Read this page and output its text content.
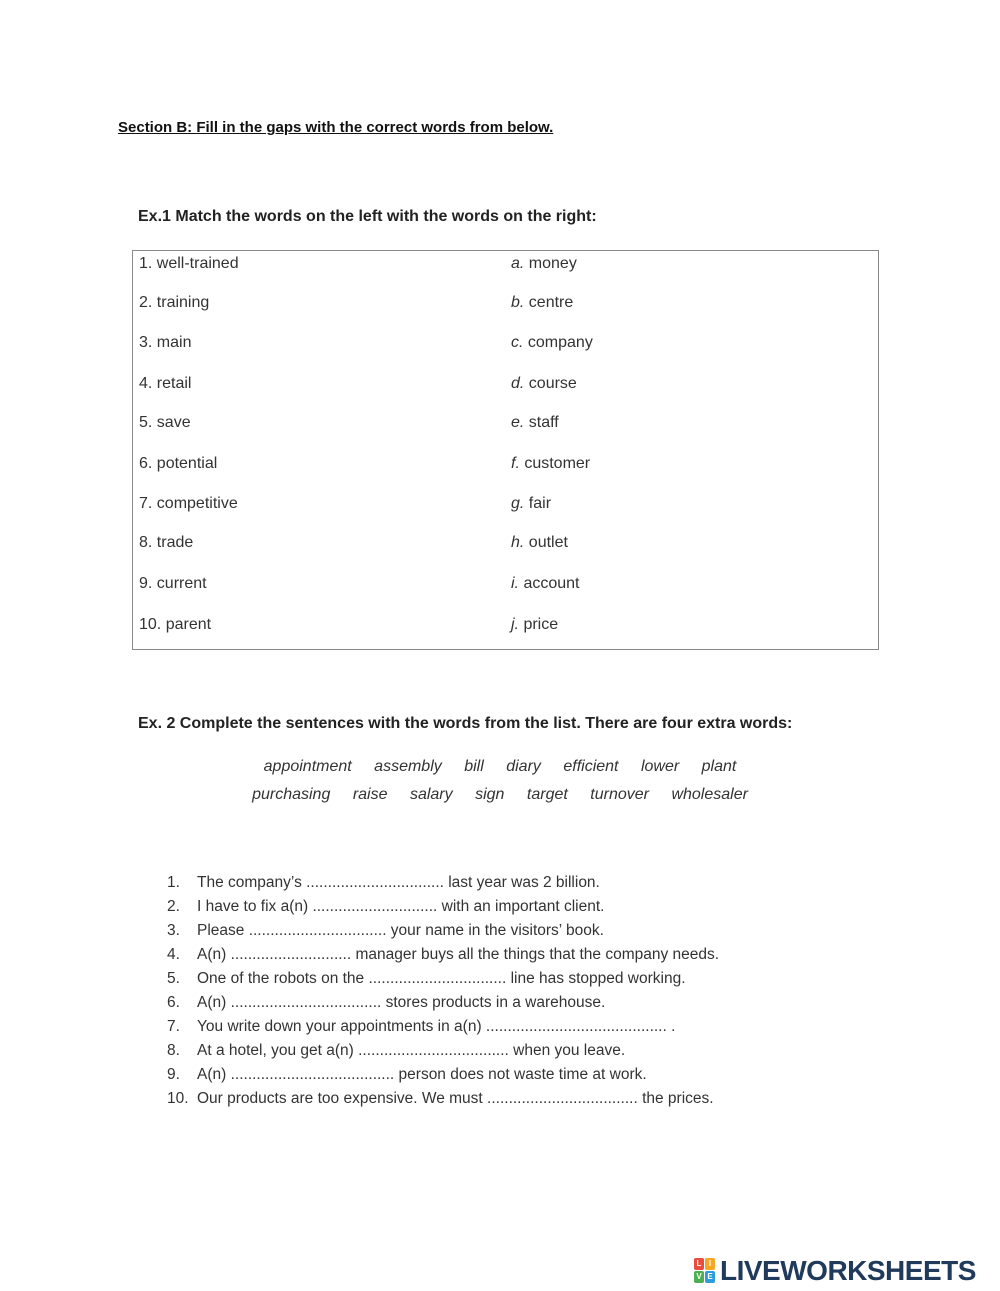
Section B: Fill in the gaps with the correct words from below.
Ex.1 Match the words on the left with the words on the right:
1. well-trained	a. money
2. training	b. centre
3. main	c. company
4. retail	d. course
5. save	e. staff
6. potential	f. customer
7. competitive	g. fair
8. trade	h. outlet
9. current	i. account
10. parent	j. price
Ex. 2 Complete the sentences with the words from the list. There are four extra words:
appointment assembly bill diary efficient lower plant
purchasing raise salary sign target turnover wholesaler
1. The company’s ................................ last year was 2 billion.
2. I have to fix a(n) ............................. with an important client.
3. Please ................................ your name in the visitors’ book.
4. A(n) ............................ manager buys all the things that the company needs.
5. One of the robots on the ................................ line has stopped working.
6. A(n) ................................... stores products in a warehouse.
7. You write down your appointments in a(n) .......................................... .
8. At a hotel, you get a(n) ................................... when you leave.
9. A(n) ...................................... person does not waste time at work.
10. Our products are too expensive. We must ................................... the prices.
L I
V E LIVEWORKSHEETS
